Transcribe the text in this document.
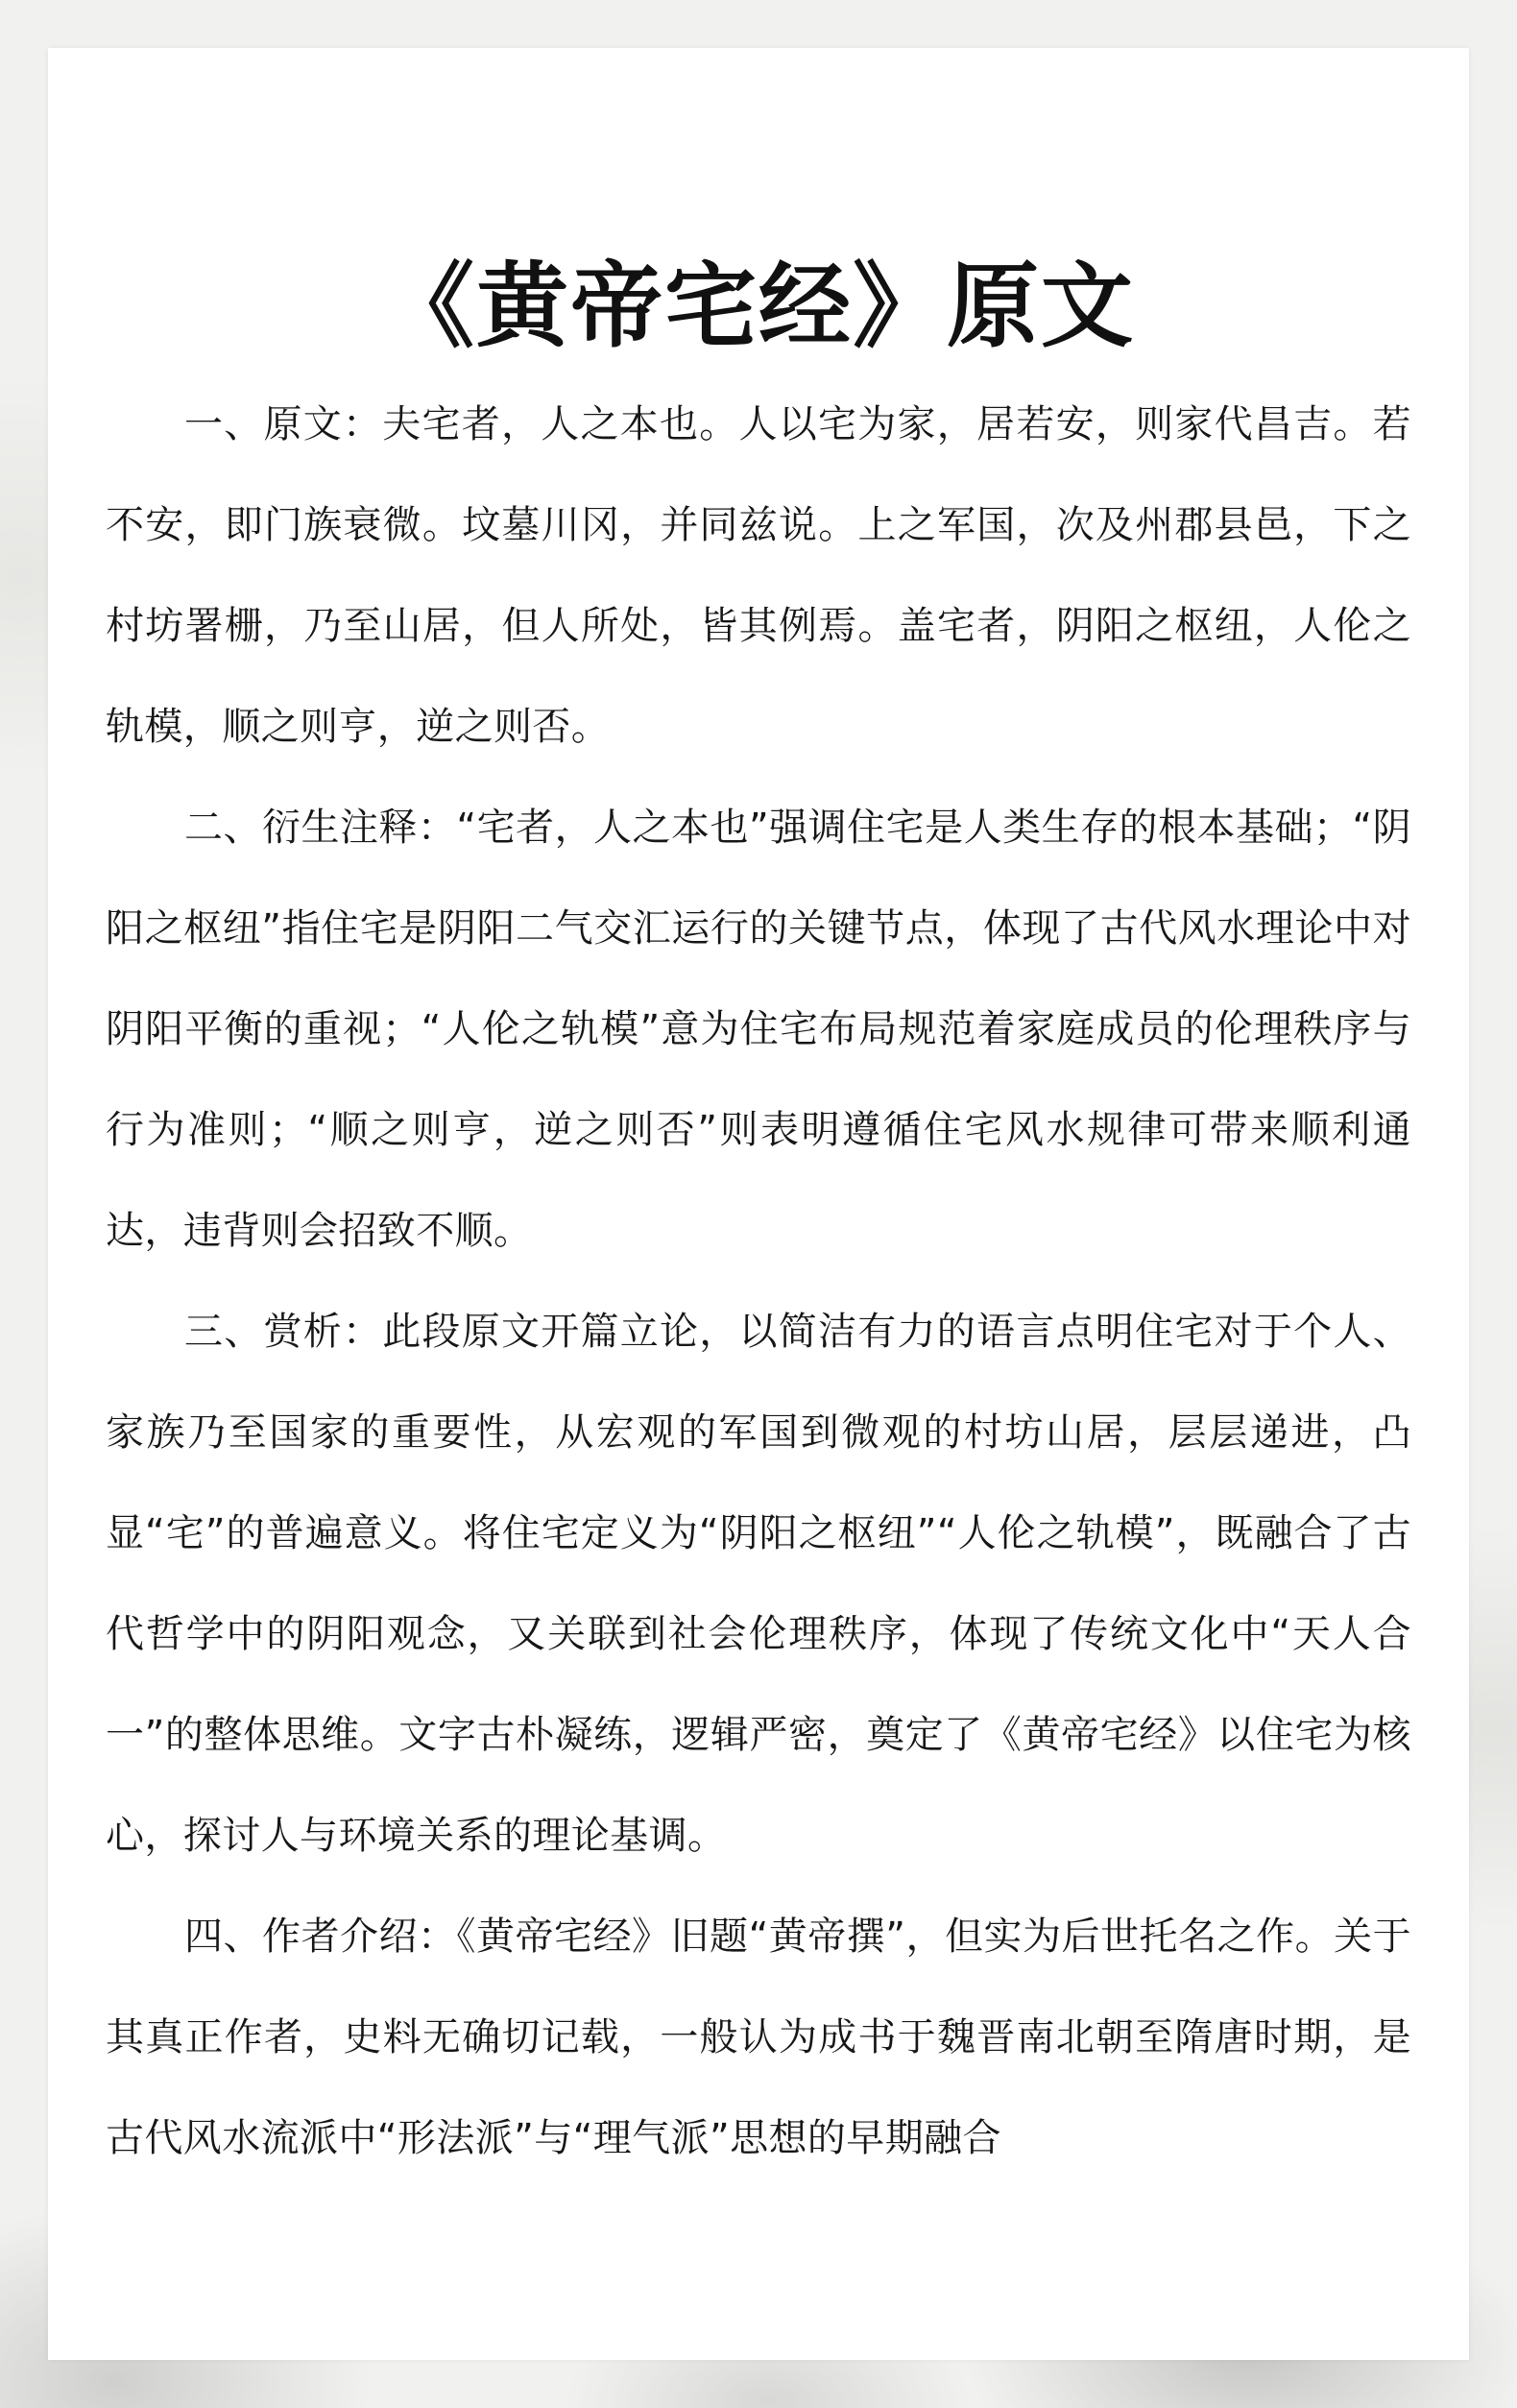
《黄帝宅经》原文

一、原文：夫宅者，人之本也。人以宅为家，居若安，则家代昌吉。若不安，即门族衰微。坟墓川冈，并同兹说。上之军国，次及州郡县邑，下之村坊署栅，乃至山居，但人所处，皆其例焉。盖宅者，阴阳之枢纽，人伦之轨模，顺之则亨，逆之则否。

二、衍生注释：“宅者，人之本也”强调住宅是人类生存的根本基础；“阴阳之枢纽”指住宅是阴阳二气交汇运行的关键节点，体现了古代风水理论中对阴阳平衡的重视；“人伦之轨模”意为住宅布局规范着家庭成员的伦理秩序与行为准则；“顺之则亨，逆之则否”则表明遵循住宅风水规律可带来顺利通达，违背则会招致不顺。

三、赏析：此段原文开篇立论，以简洁有力的语言点明住宅对于个人、家族乃至国家的重要性，从宏观的军国到微观的村坊山居，层层递进，凸显“宅”的普遍意义。将住宅定义为“阴阳之枢纽”“人伦之轨模”，既融合了古代哲学中的阴阳观念，又关联到社会伦理秩序，体现了传统文化中“天人合一”的整体思维。文字古朴凝练，逻辑严密，奠定了《黄帝宅经》以住宅为核心，探讨人与环境关系的理论基调。

四、作者介绍：《黄帝宅经》旧题“黄帝撰”，但实为后世托名之作。关于其真正作者，史料无确切记载，一般认为成书于魏晋南北朝至隋唐时期，是古代风水流派中“形法派”与“理气派”思想的早期融合
